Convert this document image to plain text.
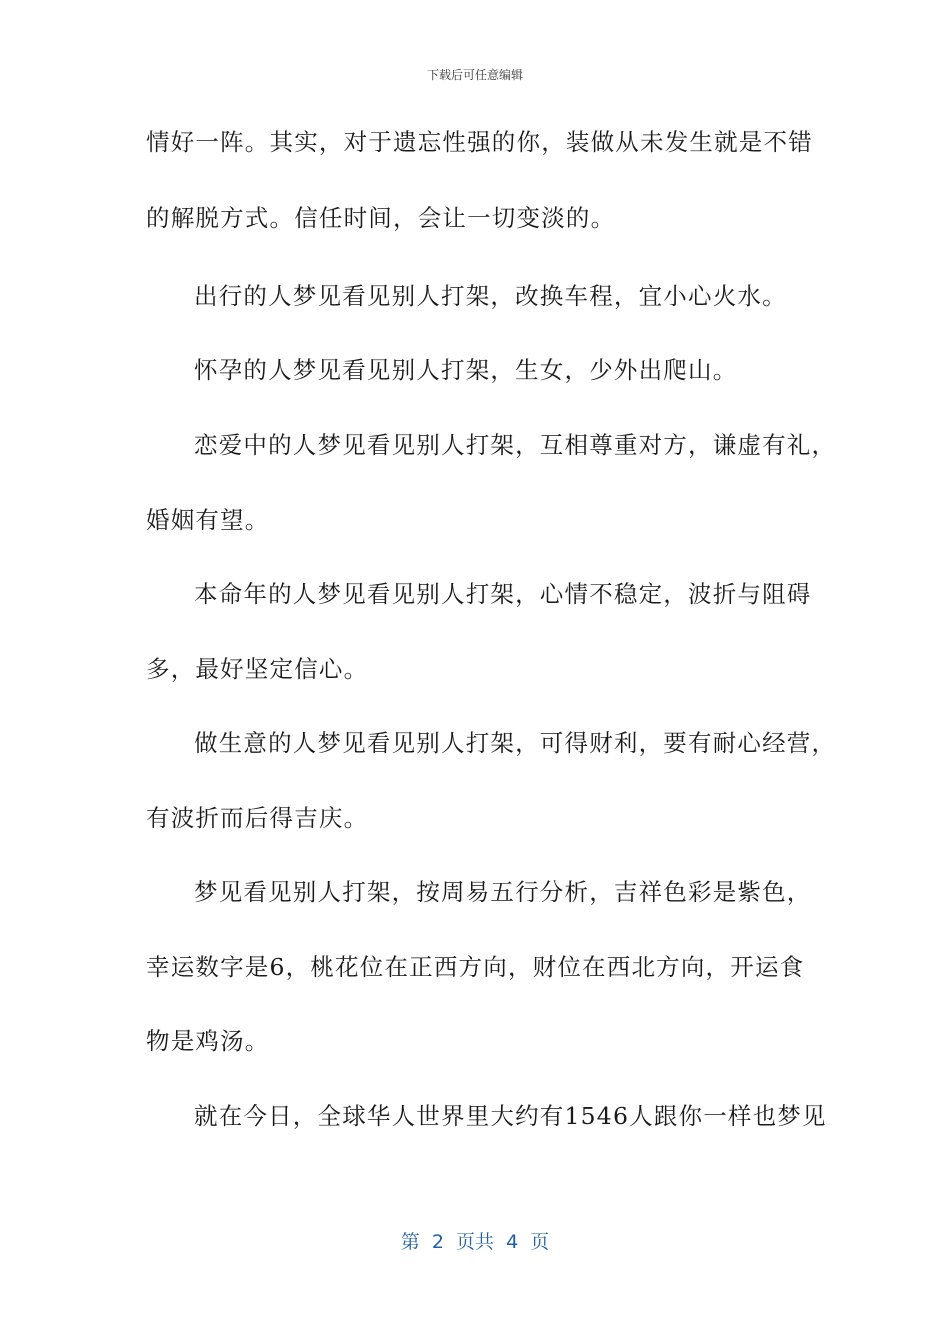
下载后可任意编辑
情好一阵。其实，对于遗忘性强的你，装做从未发生就是不错
的解脱方式。信任时间，会让一切变淡的。
出行的人梦见看见别人打架，改换车程，宜小心火水。
怀孕的人梦见看见别人打架，生女，少外出爬山。
恋爱中的人梦见看见别人打架，互相尊重对方，谦虚有礼，
婚姻有望。
本命年的人梦见看见别人打架，心情不稳定，波折与阻碍
多，最好坚定信心。
做生意的人梦见看见别人打架，可得财利，要有耐心经营，
有波折而后得吉庆。
梦见看见别人打架，按周易五行分析，吉祥色彩是紫色，
幸运数字是6，桃花位在正西方向，财位在西北方向，开运食
物是鸡汤。
就在今日，全球华人世界里大约有1546人跟你一样也梦见
第  2  页共  4  页
